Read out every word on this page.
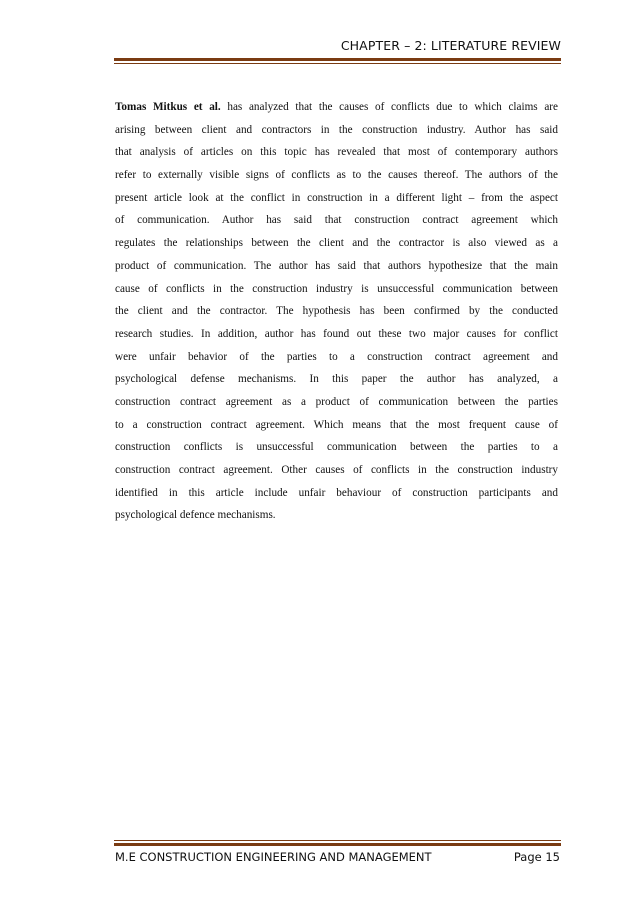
CHAPTER – 2: LITERATURE REVIEW
Tomas Mitkus et al. has analyzed that the causes of conflicts due to which claims are
arising between client and contractors in the construction industry. Author has said
that analysis of articles on this topic has revealed that most of contemporary authors
refer to externally visible signs of conflicts as to the causes thereof. The authors of the
present article look at the conflict in construction in a different light – from the aspect
of communication. Author has said that construction contract agreement which
regulates the relationships between the client and the contractor is also viewed as a
product of communication. The author has said that authors hypothesize that the main
cause of conflicts in the construction industry is unsuccessful communication between
the client and the contractor. The hypothesis has been confirmed by the conducted
research studies. In addition, author has found out these two major causes for conflict
were unfair behavior of the parties to a construction contract agreement and
psychological defense mechanisms. In this paper the author has analyzed, a
construction contract agreement as a product of communication between the parties
to a construction contract agreement. Which means that the most frequent cause of
construction conflicts is unsuccessful communication between the parties to a
construction contract agreement. Other causes of conflicts in the construction industry
identified in this article include unfair behaviour of construction participants and
psychological defence mechanisms.
M.E CONSTRUCTION ENGINEERING AND MANAGEMENT	Page 15
